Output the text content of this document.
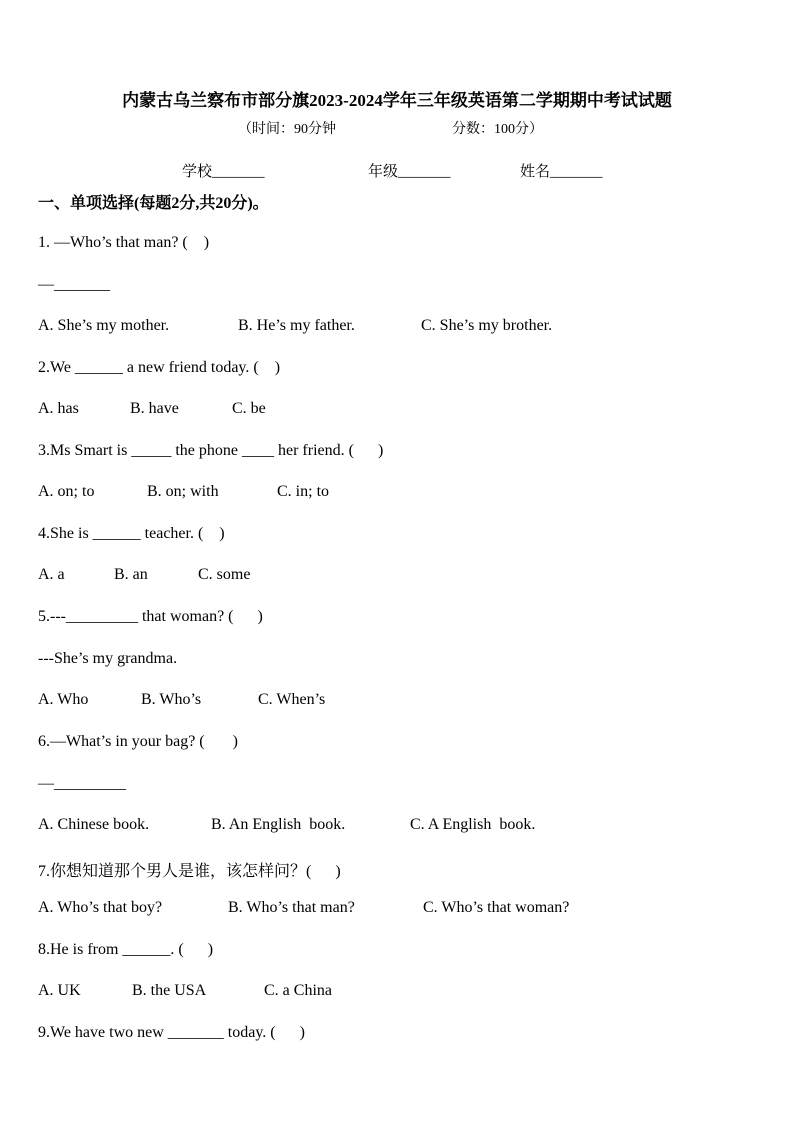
内蒙古乌兰察布市部分旗2023-2024学年三年级英语第二学期期中考试试题
（时间：90分钟	分数：100分）
学校_______	年级_______	姓名_______
一、单项选择(每题2分,共20分)。
1. —Who’s that man? (    )
—_______

A. She’s my mother.

	B. He’s my father.

	C. She’s my brother.

2.We ______ a new friend today. (    )

A. has

	B. have

	C. be

3.Ms Smart is _____ the phone ____ her friend. (      )

A. on; to

	B. on; with

	C. in; to

4.She is ______ teacher. (    )

A. a

	B. an

	C. some

5.---_________ that woman? (      )
---She’s my grandma.

A. Who

	B. Who’s

	C. When’s

6.—What’s in your bag? (       )
—_________

A. Chinese book.

	B. An English  book.

	C. A English  book.

7.你想知道那个男人是谁，该怎样问？(      )

A. Who’s that boy?

	B. Who’s that man?

	C. Who’s that woman?

8.He is from ______. (      )

A. UK

	B. the USA

	C. a China

9.We have two new _______ today. (      )
